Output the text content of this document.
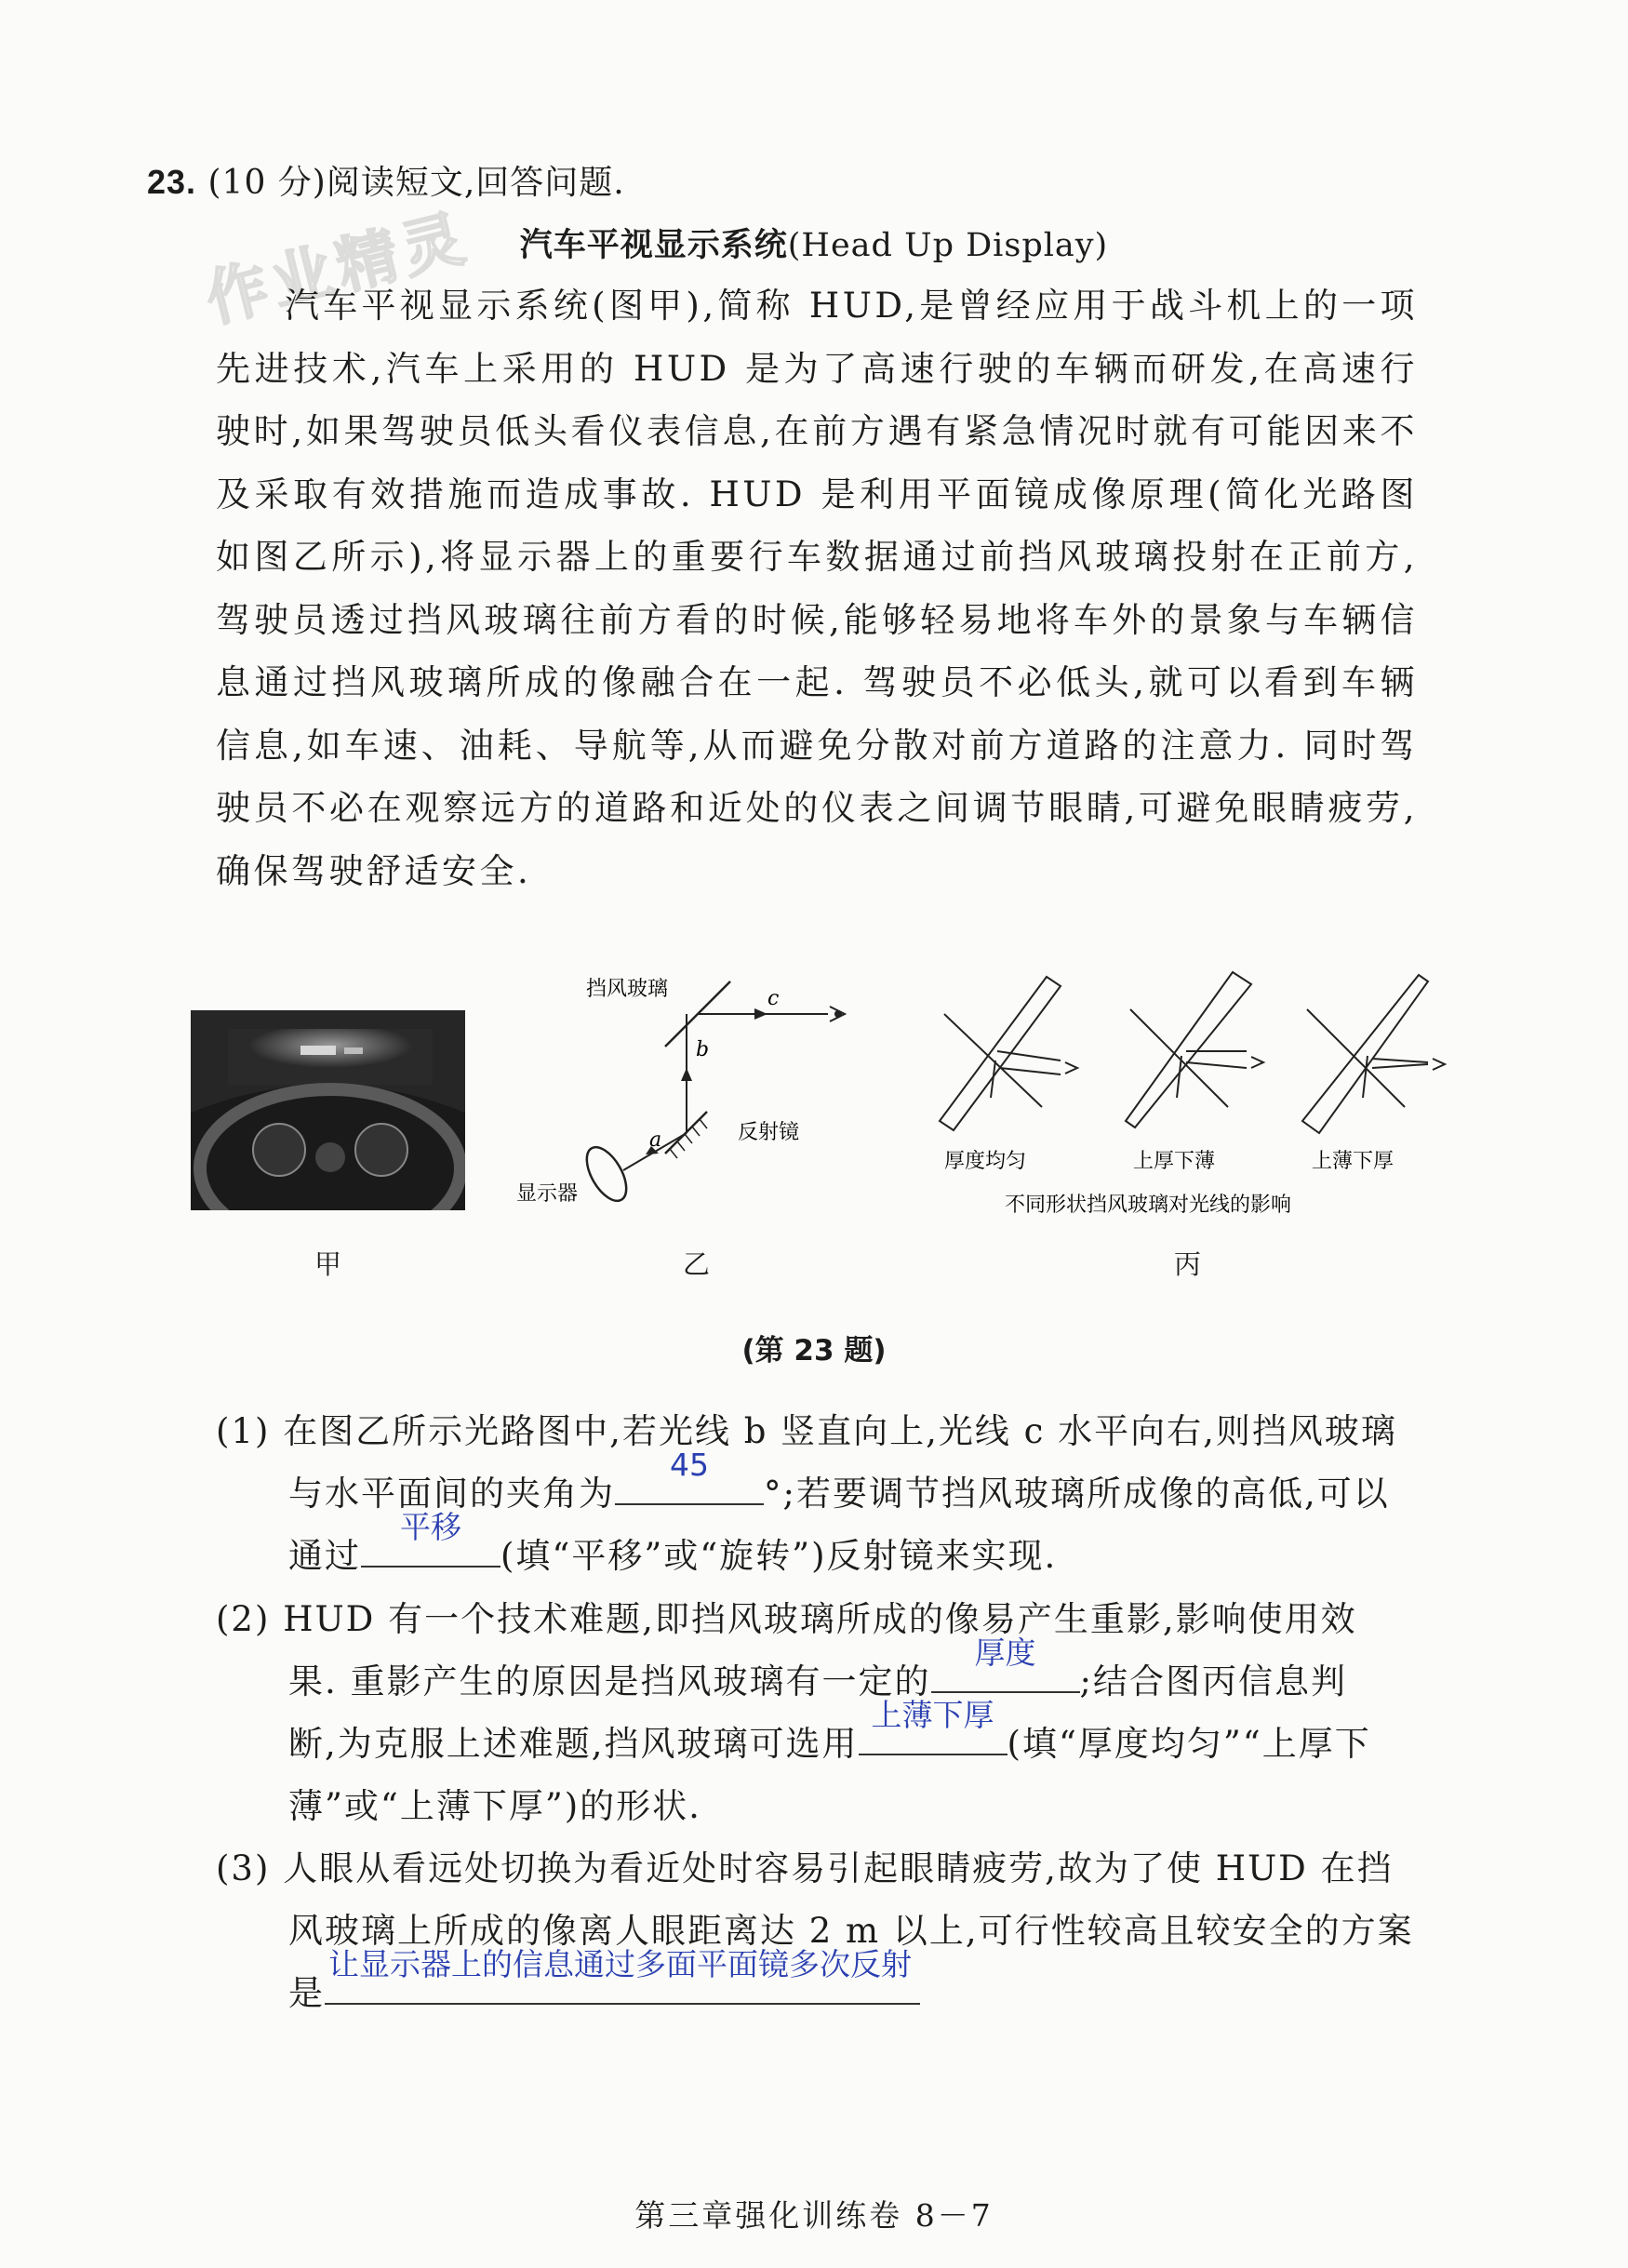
作业精灵
23. (10 分)阅读短文,回答问题.
汽车平视显示系统(Head Up Display)

汽车平视显示系统(图甲),简称 HUD,是曾经应用于战斗机上的一项先进技术,汽车上采用的 HUD 是为了高速行驶的车辆而研发,在高速行驶时,如果驾驶员低头看仪表信息,在前方遇有紧急情况时就有可能因来不及采取有效措施而造成事故. HUD 是利用平面镜成像原理(简化光路图如图乙所示),将显示器上的重要行车数据通过前挡风玻璃投射在正前方,驾驶员透过挡风玻璃往前方看的时候,能够轻易地将车外的景象与车辆信息通过挡风玻璃所成的像融合在一起. 驾驶员不必低头,就可以看到车辆信息,如车速、油耗、导航等,从而避免分散对前方道路的注意力. 同时驾驶员不必在观察远方的道路和近处的仪表之间调节眼睛,可避免眼睛疲劳,确保驾驶舒适安全.

甲
挡风玻璃
反射镜
显示器
a
b
c
乙
厚度均匀	上厚下薄	上薄下厚
不同形状挡风玻璃对光线的影响
丙
(第 23 题)
(1) 在图乙所示光路图中,若光线 b 竖直向上,光线 c 水平向右,则挡风玻璃
与水平面间的夹角为
45
°;若要调节挡风玻璃所成像的高低,可以
通过
平移
(填“平移”或“旋转”)反射镜来实现.
(2) HUD 有一个技术难题,即挡风玻璃所成的像易产生重影,影响使用效
果. 重影产生的原因是挡风玻璃有一定的
厚度
;结合图丙信息判
断,为克服上述难题,挡风玻璃可选用
上薄下厚
(填“厚度均匀”“上厚下
薄”或“上薄下厚”)的形状.
(3) 人眼从看远处切换为看近处时容易引起眼睛疲劳,故为了使 HUD 在挡
风玻璃上所成的像离人眼距离达 2 m 以上,可行性较高且较安全的方案
是
让显示器上的信息通过多面平面镜多次反射
第三章强化训练卷 8－7
